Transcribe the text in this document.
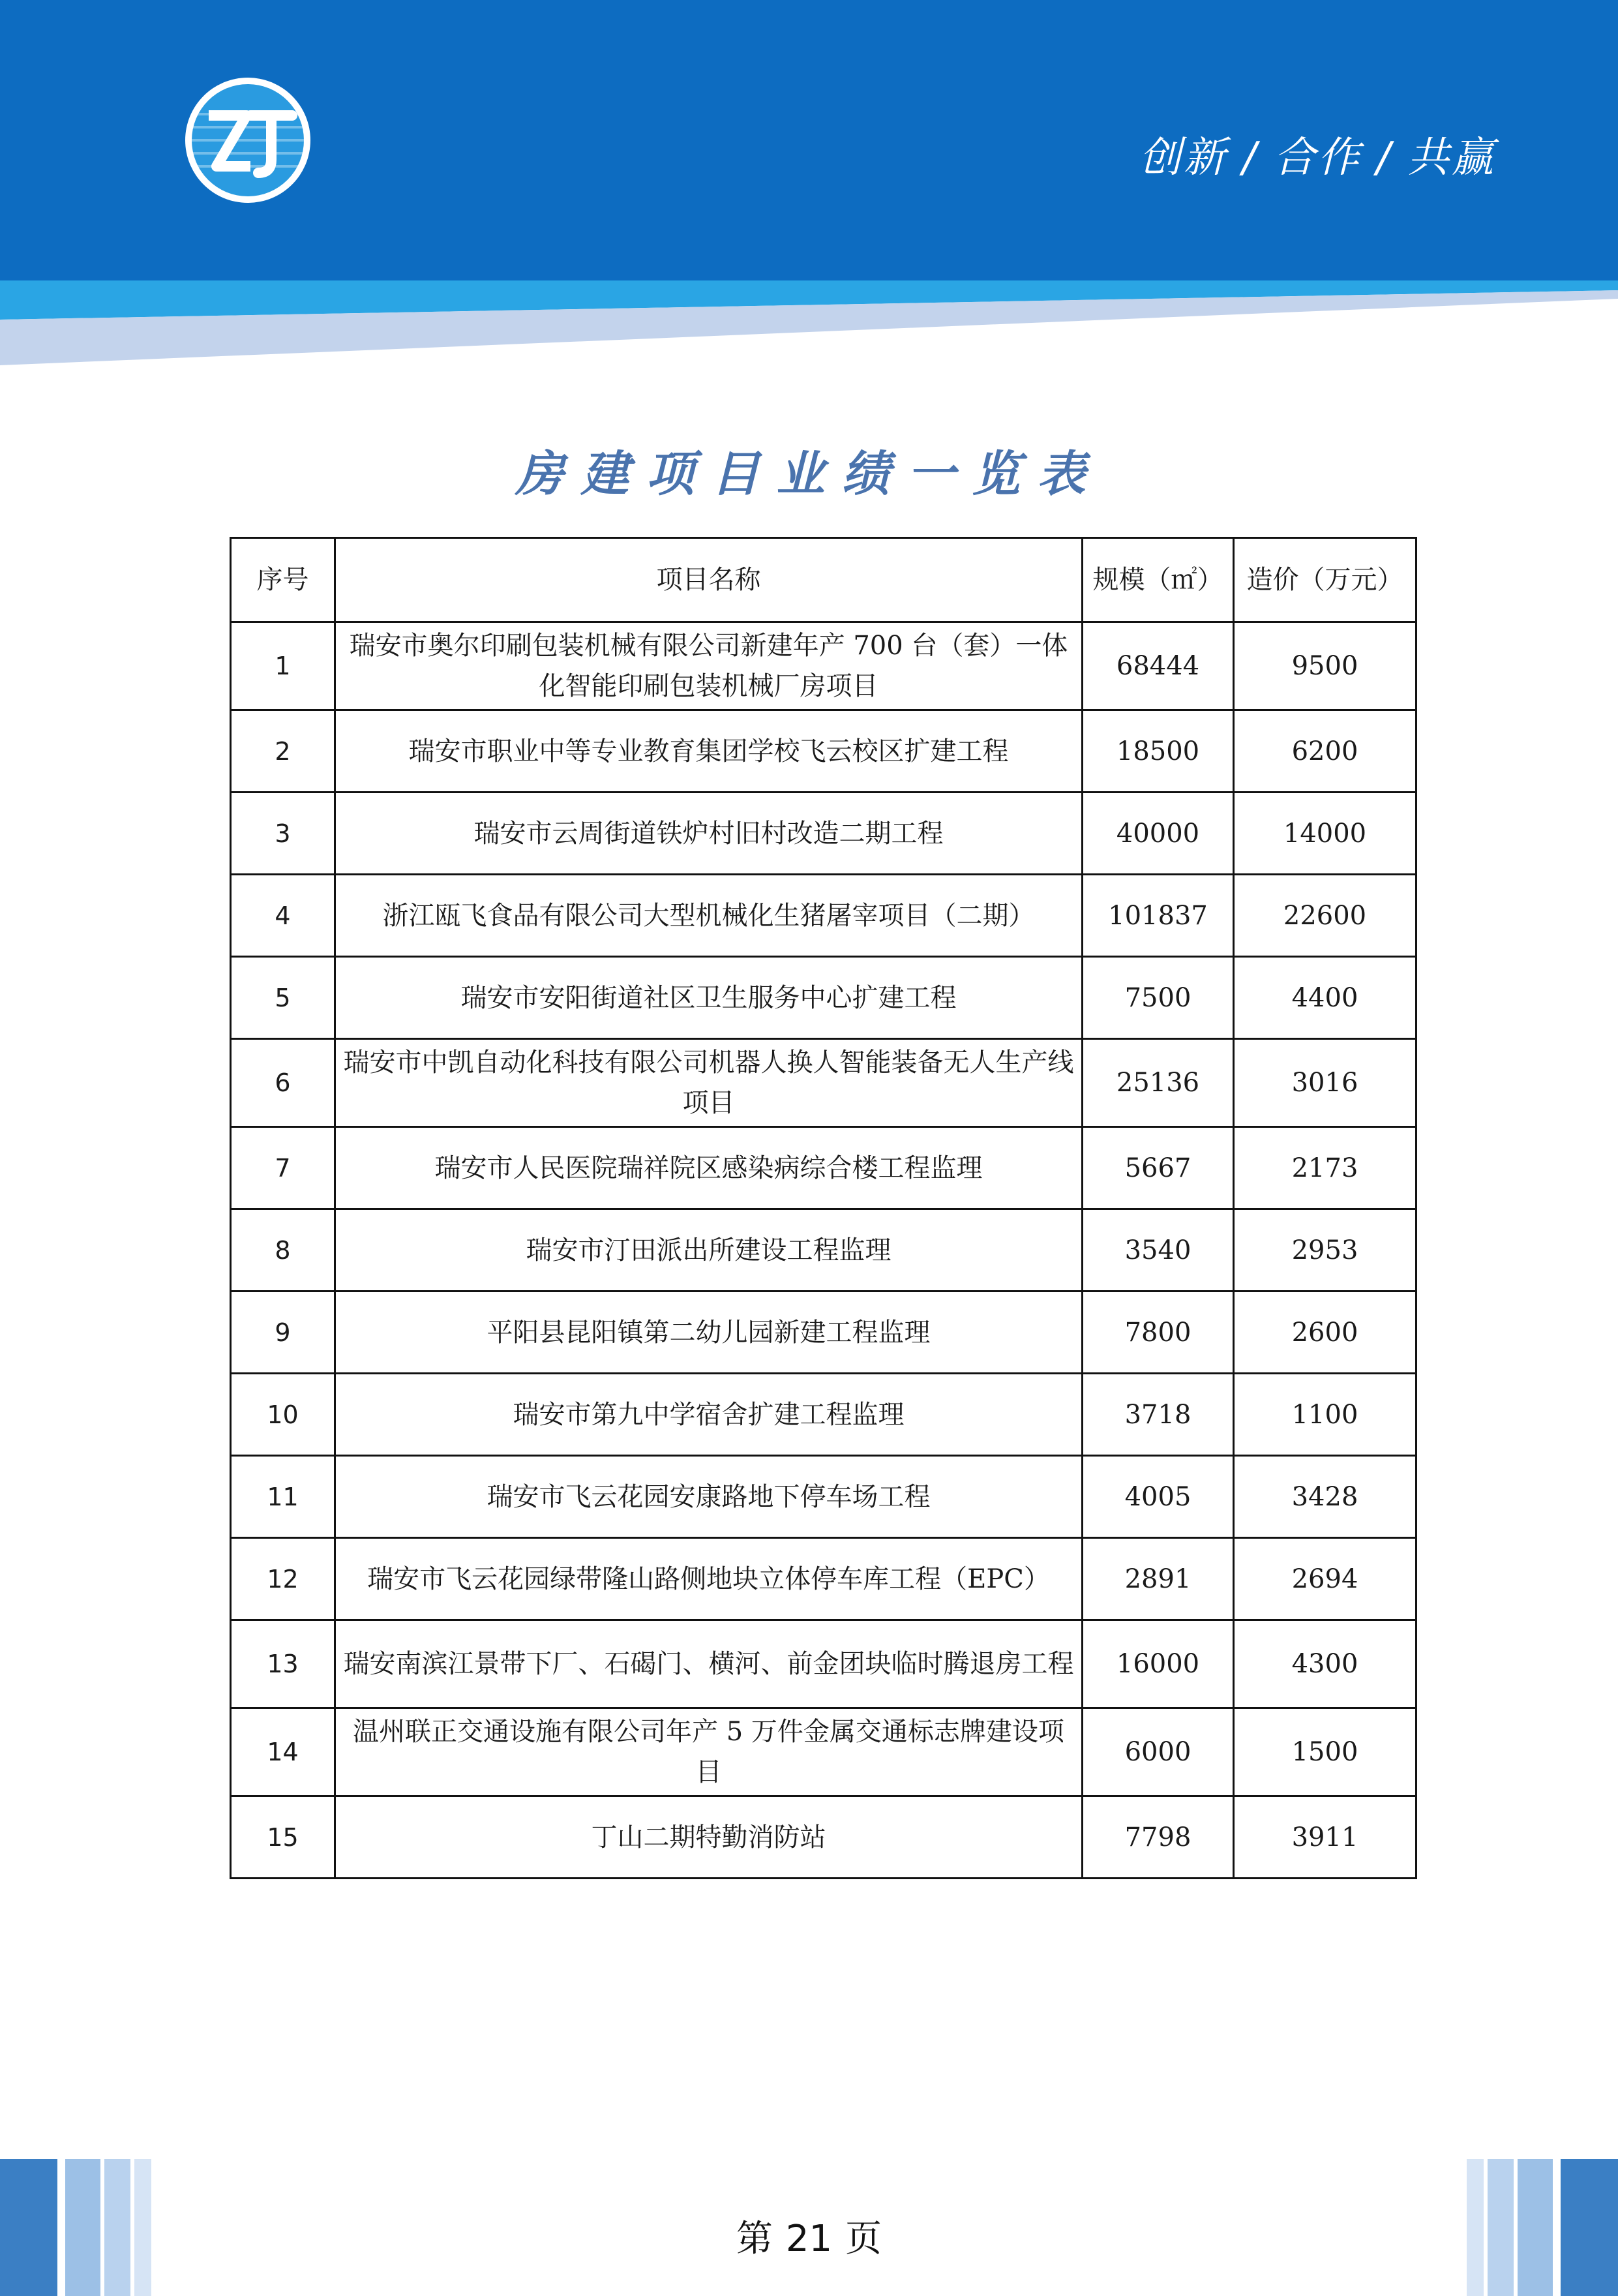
创新 / 合作 / 共赢
房建项目业绩一览表
序号	项目名称	规模（㎡）	造价（万元）
1	瑞安市奥尔印刷包装机械有限公司新建年产 700 台（套）一体化智能印刷包装机械厂房项目	68444	9500
2	瑞安市职业中等专业教育集团学校飞云校区扩建工程	18500	6200
3	瑞安市云周街道铁炉村旧村改造二期工程	40000	14000
4	浙江瓯飞食品有限公司大型机械化生猪屠宰项目（二期）	101837	22600
5	瑞安市安阳街道社区卫生服务中心扩建工程	7500	4400
6	瑞安市中凯自动化科技有限公司机器人换人智能装备无人生产线项目	25136	3016
7	瑞安市人民医院瑞祥院区感染病综合楼工程监理	5667	2173
8	瑞安市汀田派出所建设工程监理	3540	2953
9	平阳县昆阳镇第二幼儿园新建工程监理	7800	2600
10	瑞安市第九中学宿舍扩建工程监理	3718	1100
11	瑞安市飞云花园安康路地下停车场工程	4005	3428
12	瑞安市飞云花园绿带隆山路侧地块立体停车库工程（EPC）	2891	2694
13	瑞安南滨江景带下厂、石碣门、横河、前金团块临时腾退房工程	16000	4300
14	温州联正交通设施有限公司年产 5 万件金属交通标志牌建设项目	6000	1500
15	丁山二期特勤消防站	7798	3911
第 21 页
